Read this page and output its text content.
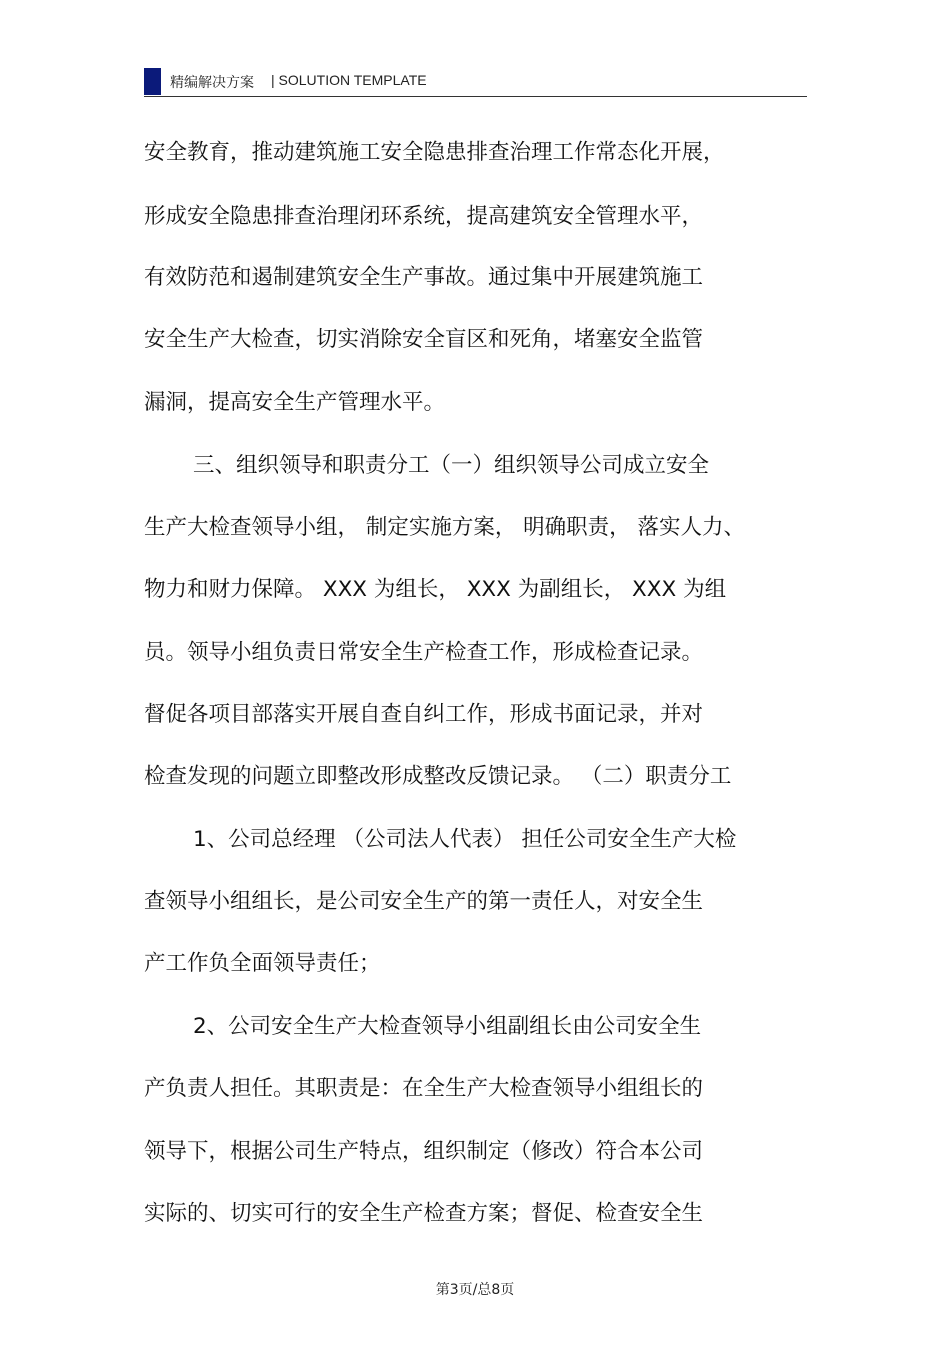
精编解决方案 | SOLUTION TEMPLATE
安全教育，推动建筑施工安全隐患排查治理工作常态化开展，
形成安全隐患排查治理闭环系统，提高建筑安全管理水平，
有效防范和遏制建筑安全生产事故。通过集中开展建筑施工
安全生产大检查，切实消除安全盲区和死角，堵塞安全监管
漏洞，提高安全生产管理水平。
三、组织领导和职责分工（一）组织领导公司成立安全
生产大检查领导小组， 制定实施方案， 明确职责， 落实人力、
物力和财力保障。 XXX 为组长， XXX 为副组长， XXX 为组
员。领导小组负责日常安全生产检查工作，形成检查记录。
督促各项目部落实开展自查自纠工作，形成书面记录，并对
检查发现的问题立即整改形成整改反馈记录。 （二）职责分工
1、公司总经理 （公司法人代表） 担任公司安全生产大检
查领导小组组长，是公司安全生产的第一责任人，对安全生
产工作负全面领导责任；
2、公司安全生产大检查领导小组副组长由公司安全生
产负责人担任。其职责是：在全生产大检查领导小组组长的
领导下，根据公司生产特点，组织制定（修改）符合本公司
实际的、切实可行的安全生产检查方案；督促、检查安全生
第3页/总8页
